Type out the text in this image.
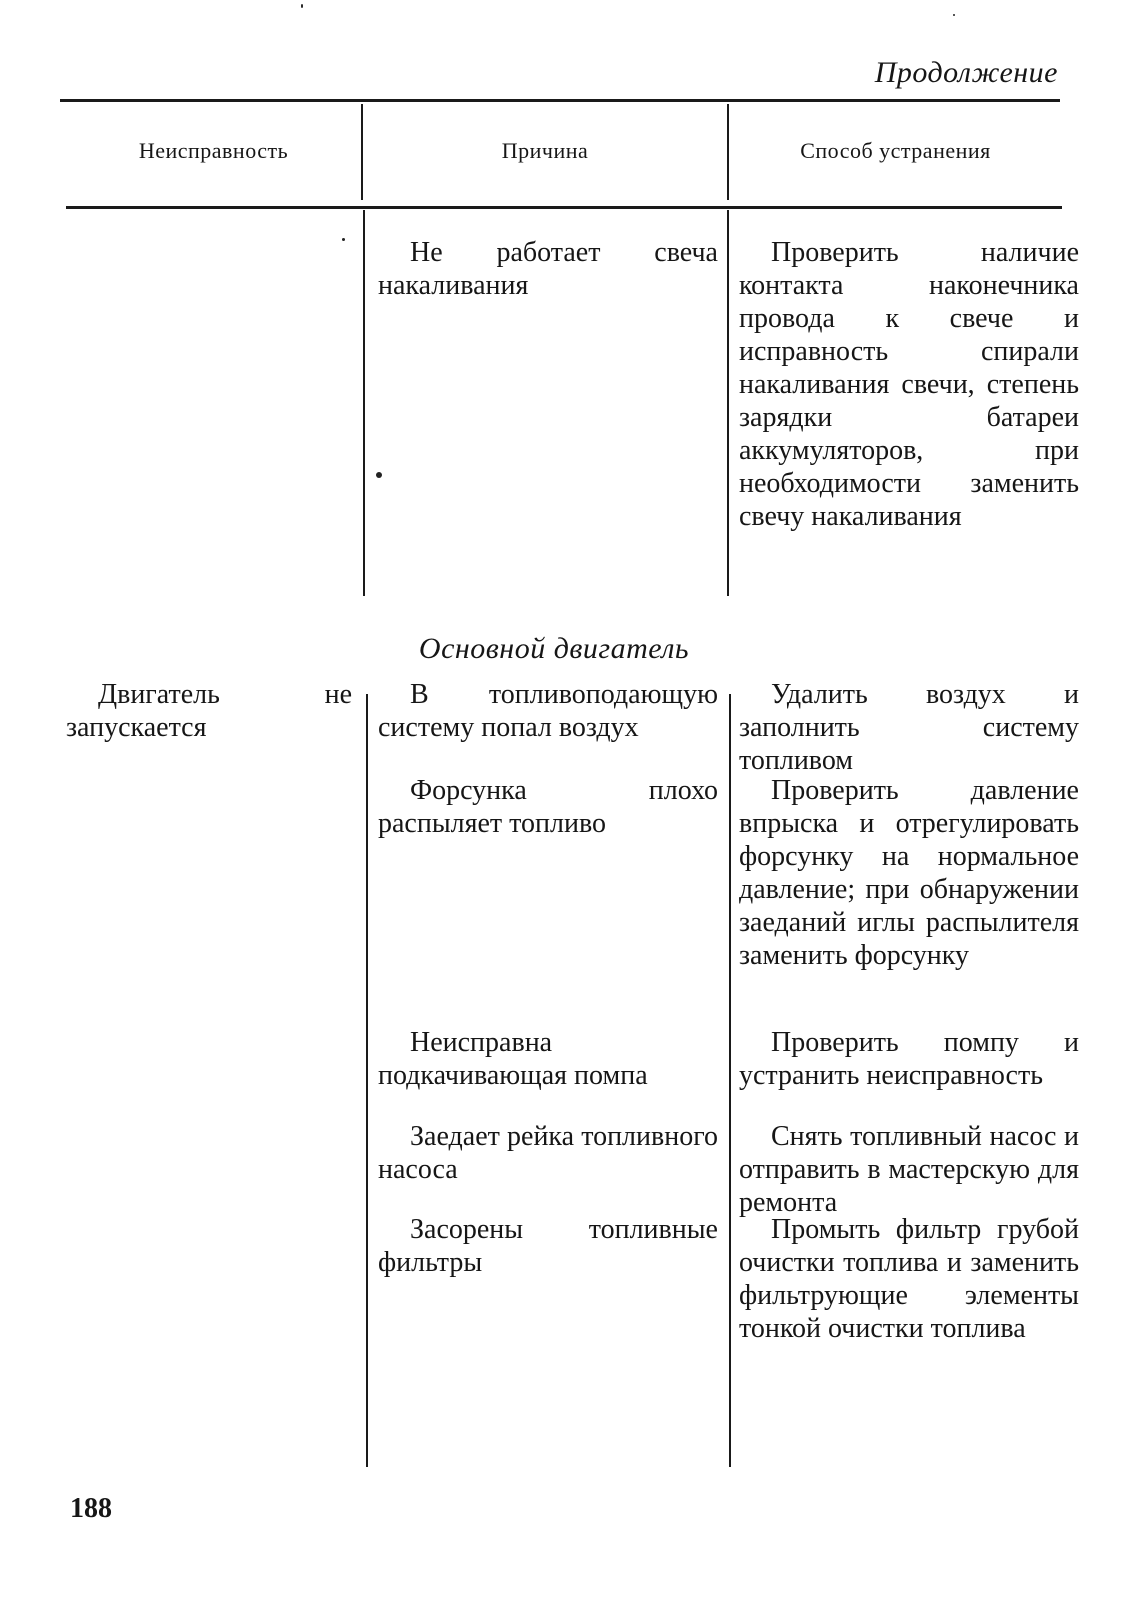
Продолжение
Неисправность	Причина	Способ устранения
Не работает свеча накаливания
Проверить наличие контакта наконечника провода к свече и исправность спирали накаливания свечи, степень зарядки батареи аккумуляторов, при необходимости заменить свечу накаливания
Основной двигатель
Двигатель не запускается
В топливоподающую систему попал воздух
Удалить воздух и заполнить систему топливом
Форсунка плохо распыляет топливо
Проверить давление впрыска и отрегулировать форсунку на нормальное давление; при обнаружении заеданий иглы распылителя заменить форсунку
Неисправна подкачивающая помпа
Проверить помпу и устранить неисправность
Заедает рейка топливного насоса
Снять топливный насос и отправить в мастерскую для ремонта
Засорены топливные фильтры
Промыть фильтр грубой очистки топлива и заменить фильтрующие элементы тонкой очистки топлива
188
